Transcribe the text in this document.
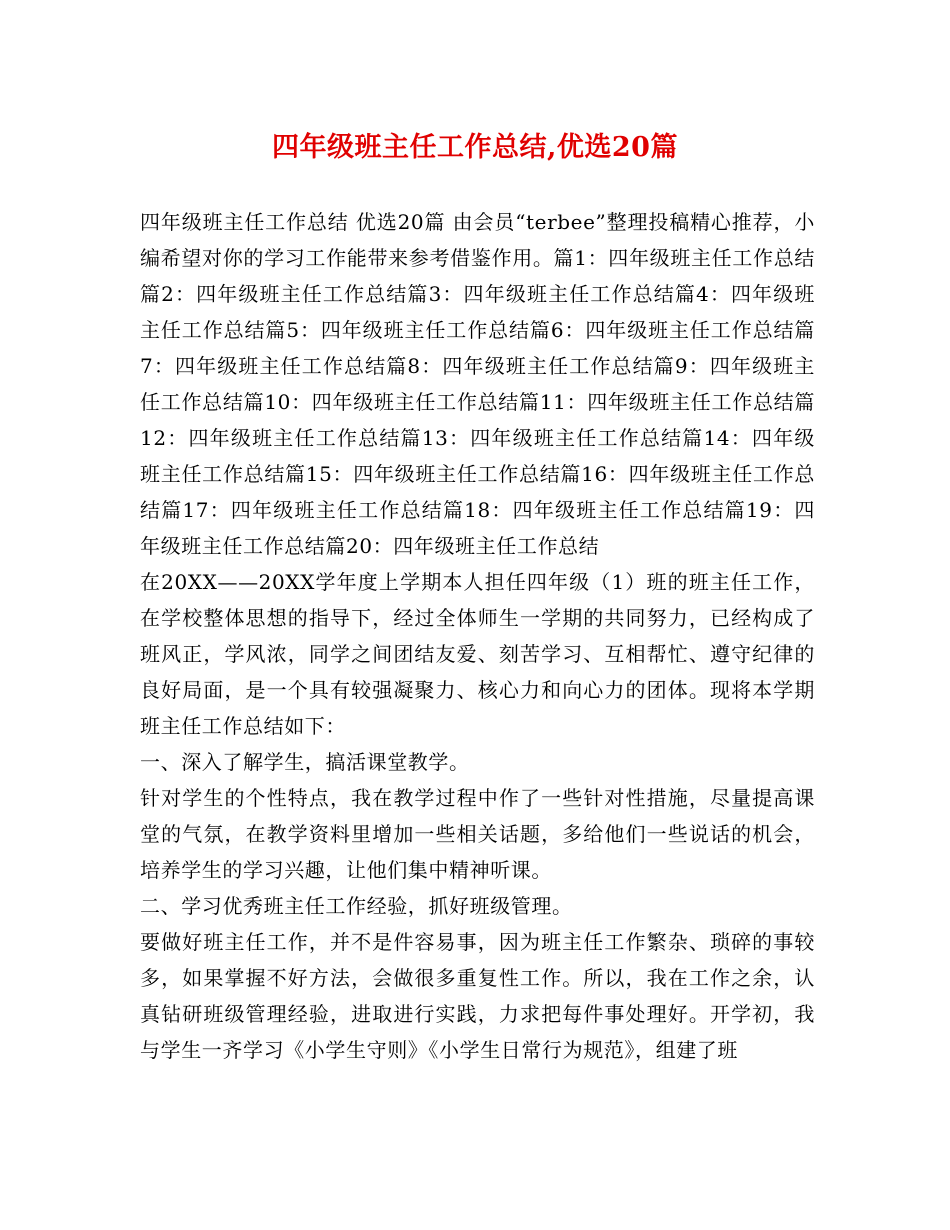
四年级班主任工作总结,优选20篇

四年级班主任工作总结 优选20篇 由会员“terbee”整理投稿精心推荐，小编希望对你的学习工作能带来参考借鉴作用。篇1：四年级班主任工作总结篇2：四年级班主任工作总结篇3：四年级班主任工作总结篇4：四年级班主任工作总结篇5：四年级班主任工作总结篇6：四年级班主任工作总结篇7：四年级班主任工作总结篇8：四年级班主任工作总结篇9：四年级班主任工作总结篇10：四年级班主任工作总结篇11：四年级班主任工作总结篇12：四年级班主任工作总结篇13：四年级班主任工作总结篇14：四年级班主任工作总结篇15：四年级班主任工作总结篇16：四年级班主任工作总结篇17：四年级班主任工作总结篇18：四年级班主任工作总结篇19：四年级班主任工作总结篇20：四年级班主任工作总结

在20XX——20XX学年度上学期本人担任四年级（1）班的班主任工作，在学校整体思想的指导下，经过全体师生一学期的共同努力，已经构成了班风正，学风浓，同学之间团结友爱、刻苦学习、互相帮忙、遵守纪律的良好局面，是一个具有较强凝聚力、核心力和向心力的团体。现将本学期班主任工作总结如下：

一、深入了解学生，搞活课堂教学。

针对学生的个性特点，我在教学过程中作了一些针对性措施，尽量提高课堂的气氛，在教学资料里增加一些相关话题，多给他们一些说话的机会，培养学生的学习兴趣，让他们集中精神听课。

二、学习优秀班主任工作经验，抓好班级管理。

要做好班主任工作，并不是件容易事，因为班主任工作繁杂、琐碎的事较多，如果掌握不好方法，会做很多重复性工作。所以，我在工作之余，认真钻研班级管理经验，进取进行实践，力求把每件事处理好。开学初，我与学生一齐学习《小学生守则》《小学生日常行为规范》，组建了班
